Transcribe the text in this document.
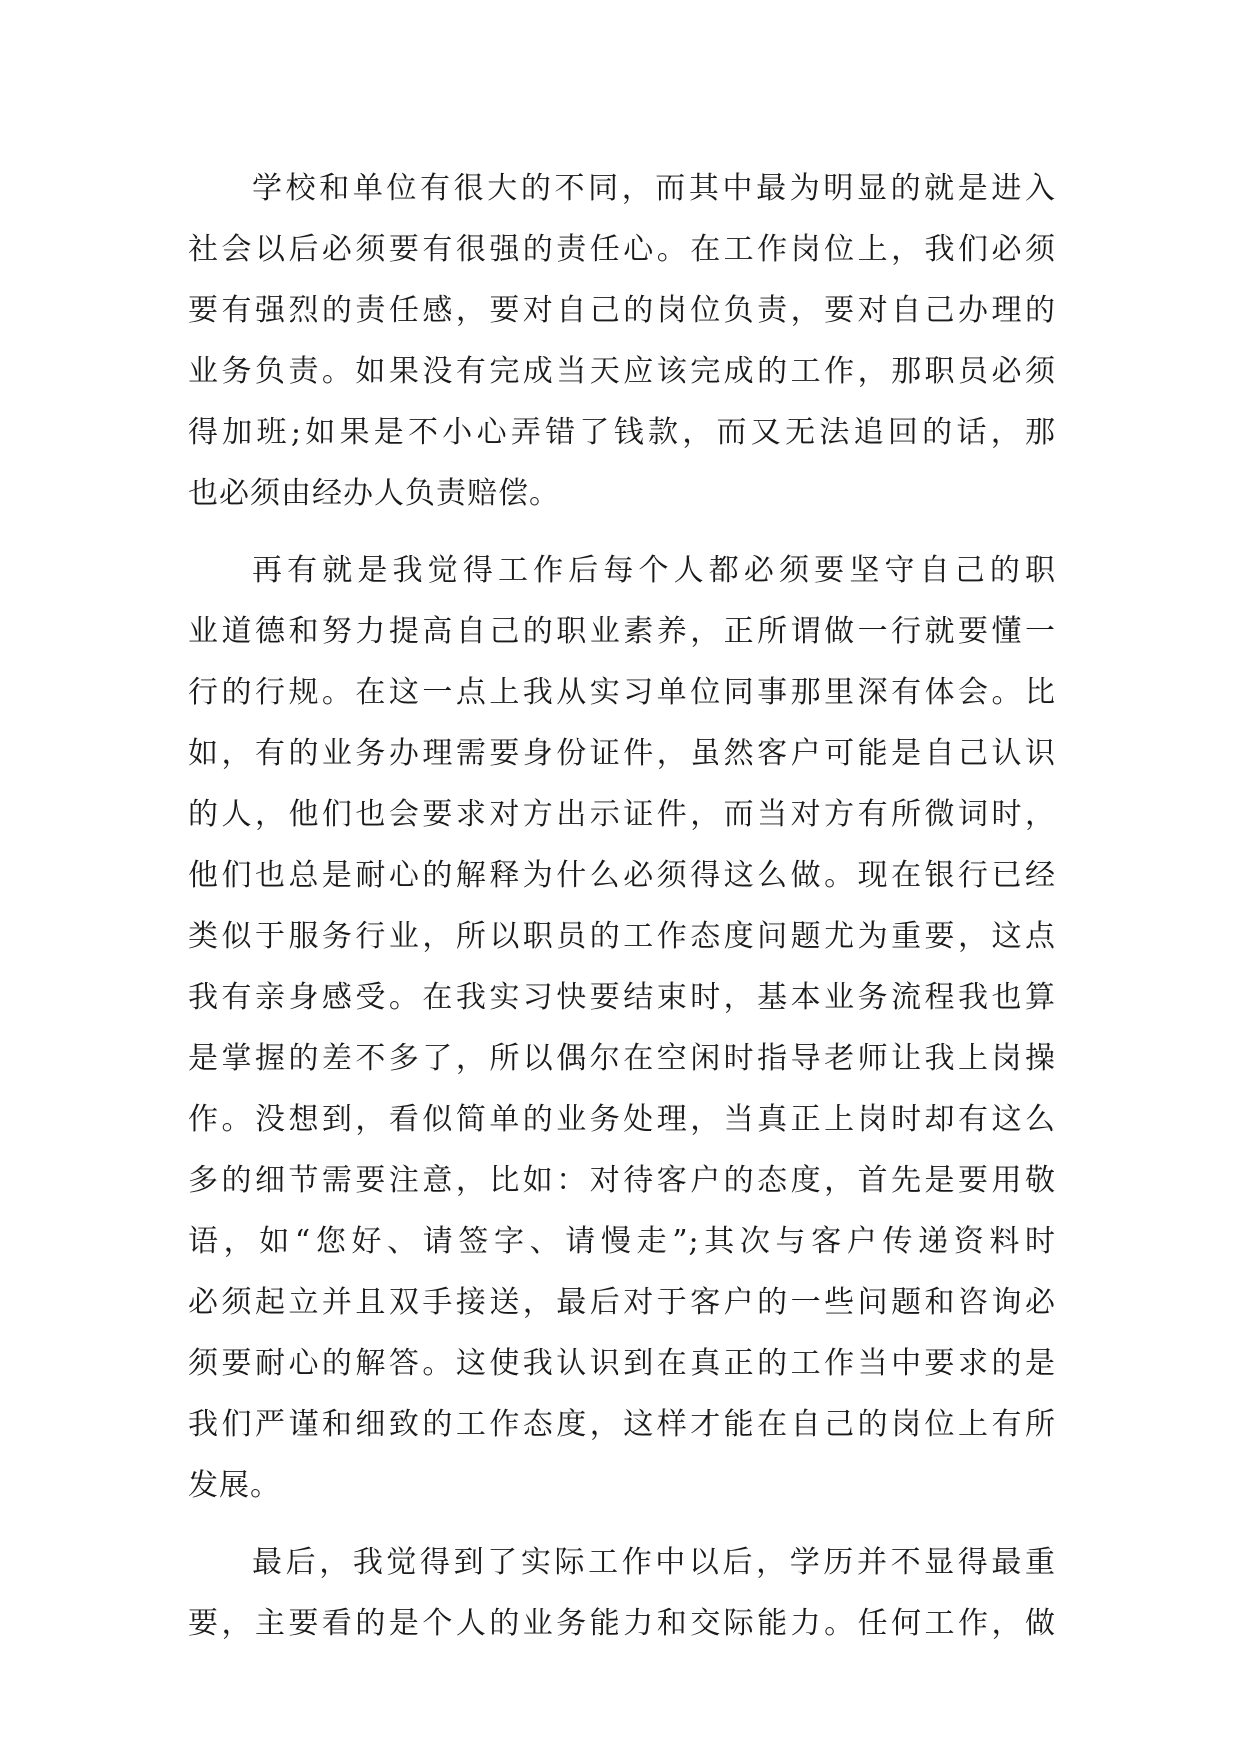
学校和单位有很大的不同，而其中最为明显的就是进入
社会以后必须要有很强的责任心。在工作岗位上，我们必须
要有强烈的责任感，要对自己的岗位负责，要对自己办理的
业务负责。如果没有完成当天应该完成的工作，那职员必须
得加班;如果是不小心弄错了钱款，而又无法追回的话，那
也必须由经办人负责赔偿。
再有就是我觉得工作后每个人都必须要坚守自己的职
业道德和努力提高自己的职业素养，正所谓做一行就要懂一
行的行规。在这一点上我从实习单位同事那里深有体会。比
如，有的业务办理需要身份证件，虽然客户可能是自己认识
的人，他们也会要求对方出示证件，而当对方有所微词时，
他们也总是耐心的解释为什么必须得这么做。现在银行已经
类似于服务行业，所以职员的工作态度问题尤为重要，这点
我有亲身感受。在我实习快要结束时，基本业务流程我也算
是掌握的差不多了，所以偶尔在空闲时指导老师让我上岗操
作。没想到，看似简单的业务处理，当真正上岗时却有这么
多的细节需要注意，比如：对待客户的态度，首先是要用敬
语，如“您好、请签字、请慢走”;其次与客户传递资料时
必须起立并且双手接送，最后对于客户的一些问题和咨询必
须要耐心的解答。这使我认识到在真正的工作当中要求的是
我们严谨和细致的工作态度，这样才能在自己的岗位上有所
发展。
最后，我觉得到了实际工作中以后，学历并不显得最重
要，主要看的是个人的业务能力和交际能力。任何工作，做
